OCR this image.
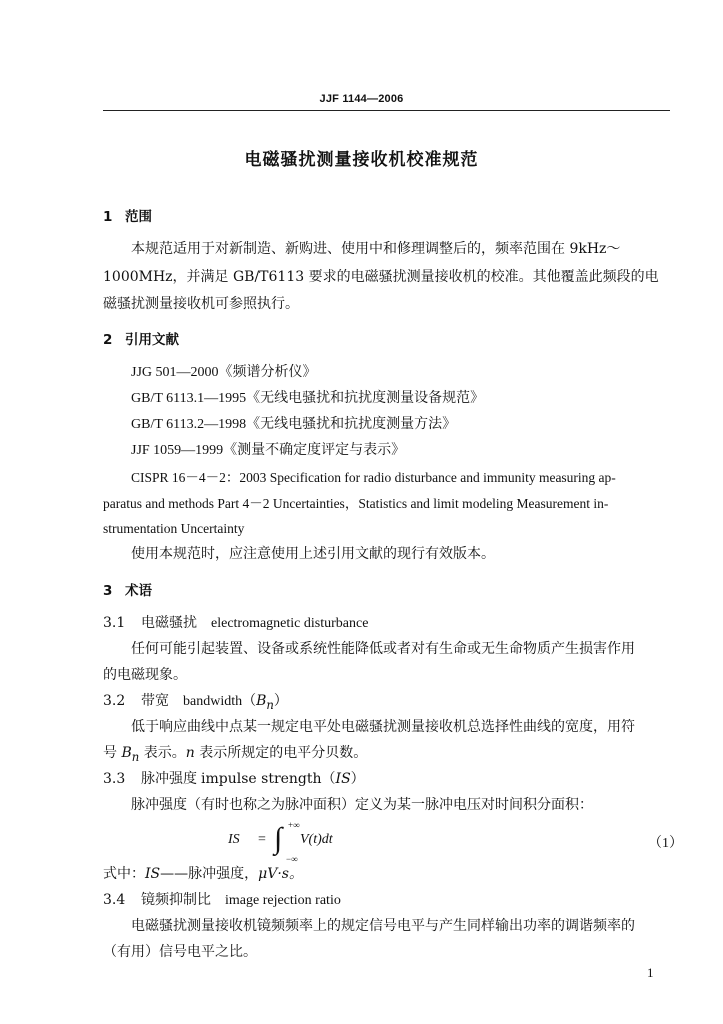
JJF 1144—2006
电磁骚扰测量接收机校准规范
1 范围
本规范适用于对新制造、新购进、使用中和修理调整后的，频率范围在 9kHz～
1000MHz，并满足 GB/T6113 要求的电磁骚扰测量接收机的校准。其他覆盖此频段的电
磁骚扰测量接收机可参照执行。
2 引用文献
JJG 501—2000《频谱分析仪》
GB/T 6113.1—1995《无线电骚扰和抗扰度测量设备规范》
GB/T 6113.2—1998《无线电骚扰和抗扰度测量方法》
JJF 1059—1999《测量不确定度评定与表示》
CISPR 16－4－2：2003 Specification for radio disturbance and immunity measuring ap-
paratus and methods Part 4－2 Uncertainties，Statistics and limit modeling Measurement in-
strumentation Uncertainty
使用本规范时，应注意使用上述引用文献的现行有效版本。
3 术语
3.1 电磁骚扰 electromagnetic disturbance
任何可能引起装置、设备或系统性能降低或者对有生命或无生命物质产生损害作用
的电磁现象。
3.2 带宽 $bandwidth(B_n)$
低于响应曲线中点某一规定电平处电磁骚扰测量接收机总选择性曲线的宽度，用符
号 $B_n$ 表示。n 表示所规定的电平分贝数。
3.3 脉冲强度 impulse strength（IS）
脉冲强度（有时也称之为脉冲面积）定义为某一脉冲电压对时间积分面积：
式中：IS——脉冲强度，μV·s。
3.4 镜频抑制比 image rejection ratio
电磁骚扰测量接收机镜频频率上的规定信号电平与产生同样输出功率的调谐频率的
（有用）信号电平之比。
IS = ∫ +∞
−∞
V(t)dt	（1）
1
